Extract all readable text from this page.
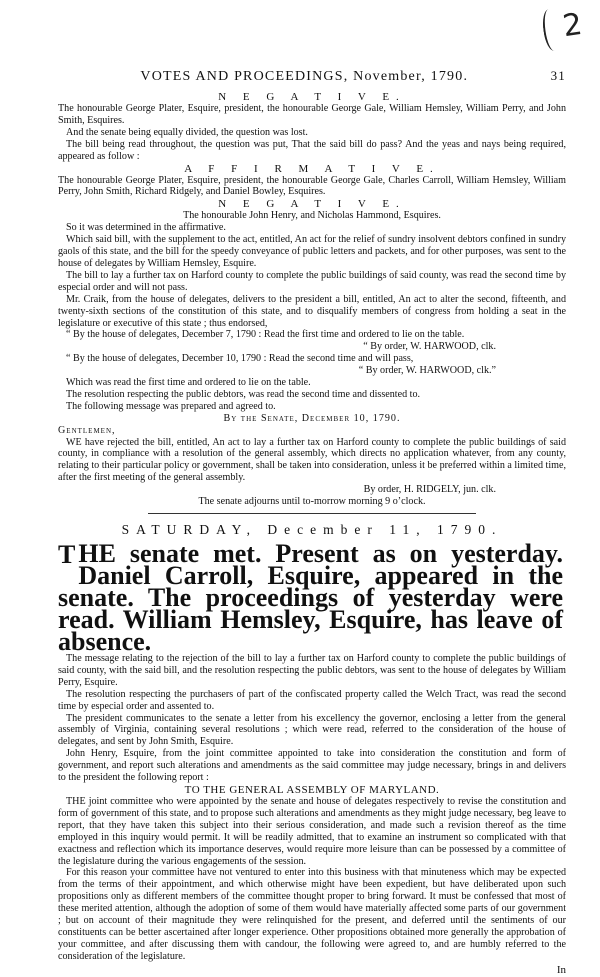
2
VOTES AND PROCEEDINGS, November, 1790.	31

N E G A T I V E.

The honourable George Plater, Esquire, president, the honourable George Gale, William Hemsley, William Perry, and John Smith, Esquires.

And the senate being equally divided, the question was lost.

The bill being read throughout, the question was put, That the said bill do pass? And the yeas and nays being required, appeared as follow :

A F F I R M A T I V E.

The honourable George Plater, Esquire, president, the honourable George Gale, Charles Carroll, William Hemsley, William Perry, John Smith, Richard Ridgely, and Daniel Bowley, Esquires.

N E G A T I V E.

The honourable John Henry, and Nicholas Hammond, Esquires.

So it was determined in the affirmative.

Which said bill, with the supplement to the act, entitled, An act for the relief of sundry insolvent debtors confined in sundry gaols of this state, and the bill for the speedy conveyance of public letters and packets, and for other purposes, was sent to the house of delegates by William Hemsley, Esquire.

The bill to lay a further tax on Harford county to complete the public buildings of said county, was read the second time by especial order and will not pass.

Mr. Craik, from the house of delegates, delivers to the president a bill, entitled, An act to alter the second, fifteenth, and twenty-sixth sections of the constitution of this state, and to disqualify members of congress from holding a seat in the legislature or executive of this state ; thus endorsed,

“ By the house of delegates, December 7, 1790 : Read the first time and ordered to lie on the table.

“ By order, W. HARWOOD, clk.

“ By the house of delegates, December 10, 1790 : Read the second time and will pass,

“ By order, W. HARWOOD, clk.”

Which was read the first time and ordered to lie on the table.

The resolution respecting the public debtors, was read the second time and dissented to.

The following message was prepared and agreed to.

By the Senate, December 10, 1790.

Gentlemen,

WE have rejected the bill, entitled, An act to lay a further tax on Harford county to complete the public buildings of said county, in compliance with a resolution of the general assembly, which directs no application whatever, from any county, relating to their particular policy or government, shall be taken into consideration, unless it be preferred within a limited time, after the first meeting of the general assembly.

By order, H. RIDGELY, jun. clk.

The senate adjourns until to-morrow morning 9 o’clock.

SATURDAY, December 11, 1790.

T HE senate met. Present as on yesterday. Daniel Carroll, Esquire, appeared in the senate. The proceedings of yesterday were read. William Hemsley, Esquire, has leave of absence.

The message relating to the rejection of the bill to lay a further tax on Harford county to complete the public buildings of said county, with the said bill, and the resolution respecting the public debtors, was sent to the house of delegates by William Perry, Esquire.

The resolution respecting the purchasers of part of the confiscated property called the Welch Tract, was read the second time by especial order and assented to.

The president communicates to the senate a letter from his excellency the governor, enclosing a letter from the general assembly of Virginia, containing several resolutions ; which were read, referred to the consideration of the house of delegates, and sent by John Smith, Esquire.

John Henry, Esquire, from the joint committee appointed to take into consideration the constitution and form of government, and report such alterations and amendments as the said committee may judge necessary, brings in and delivers to the president the following report :

TO THE GENERAL ASSEMBLY OF MARYLAND.

THE joint committee who were appointed by the senate and house of delegates respectively to revise the constitution and form of government of this state, and to propose such alterations and amendments as they might judge necessary, beg leave to report, that they have taken this subject into their serious consideration, and made such a revision thereof as the time employed in this inquiry would permit. It will be readily admitted, that to examine an instrument so complicated with that exactness and reflection which its importance deserves, would require more leisure than can be possessed by a committee of the legislature during the various engagements of the session.

For this reason your committee have not ventured to enter into this business with that minuteness which may be expected from the terms of their appointment, and which otherwise might have been expedient, but have deliberated upon such propositions only as different members of the committee thought proper to bring forward. It must be confessed that most of these merited attention, although the adoption of some of them would have materially affected some parts of our government ; but on account of their magnitude they were relinquished for the present, and deferred until the sentiments of our constituents can be better ascertained after longer experience. Other propositions obtained more generally the approbation of your committee, and after discussing them with candour, the following were agreed to, and are humbly referred to the consideration of the legislature.

In
